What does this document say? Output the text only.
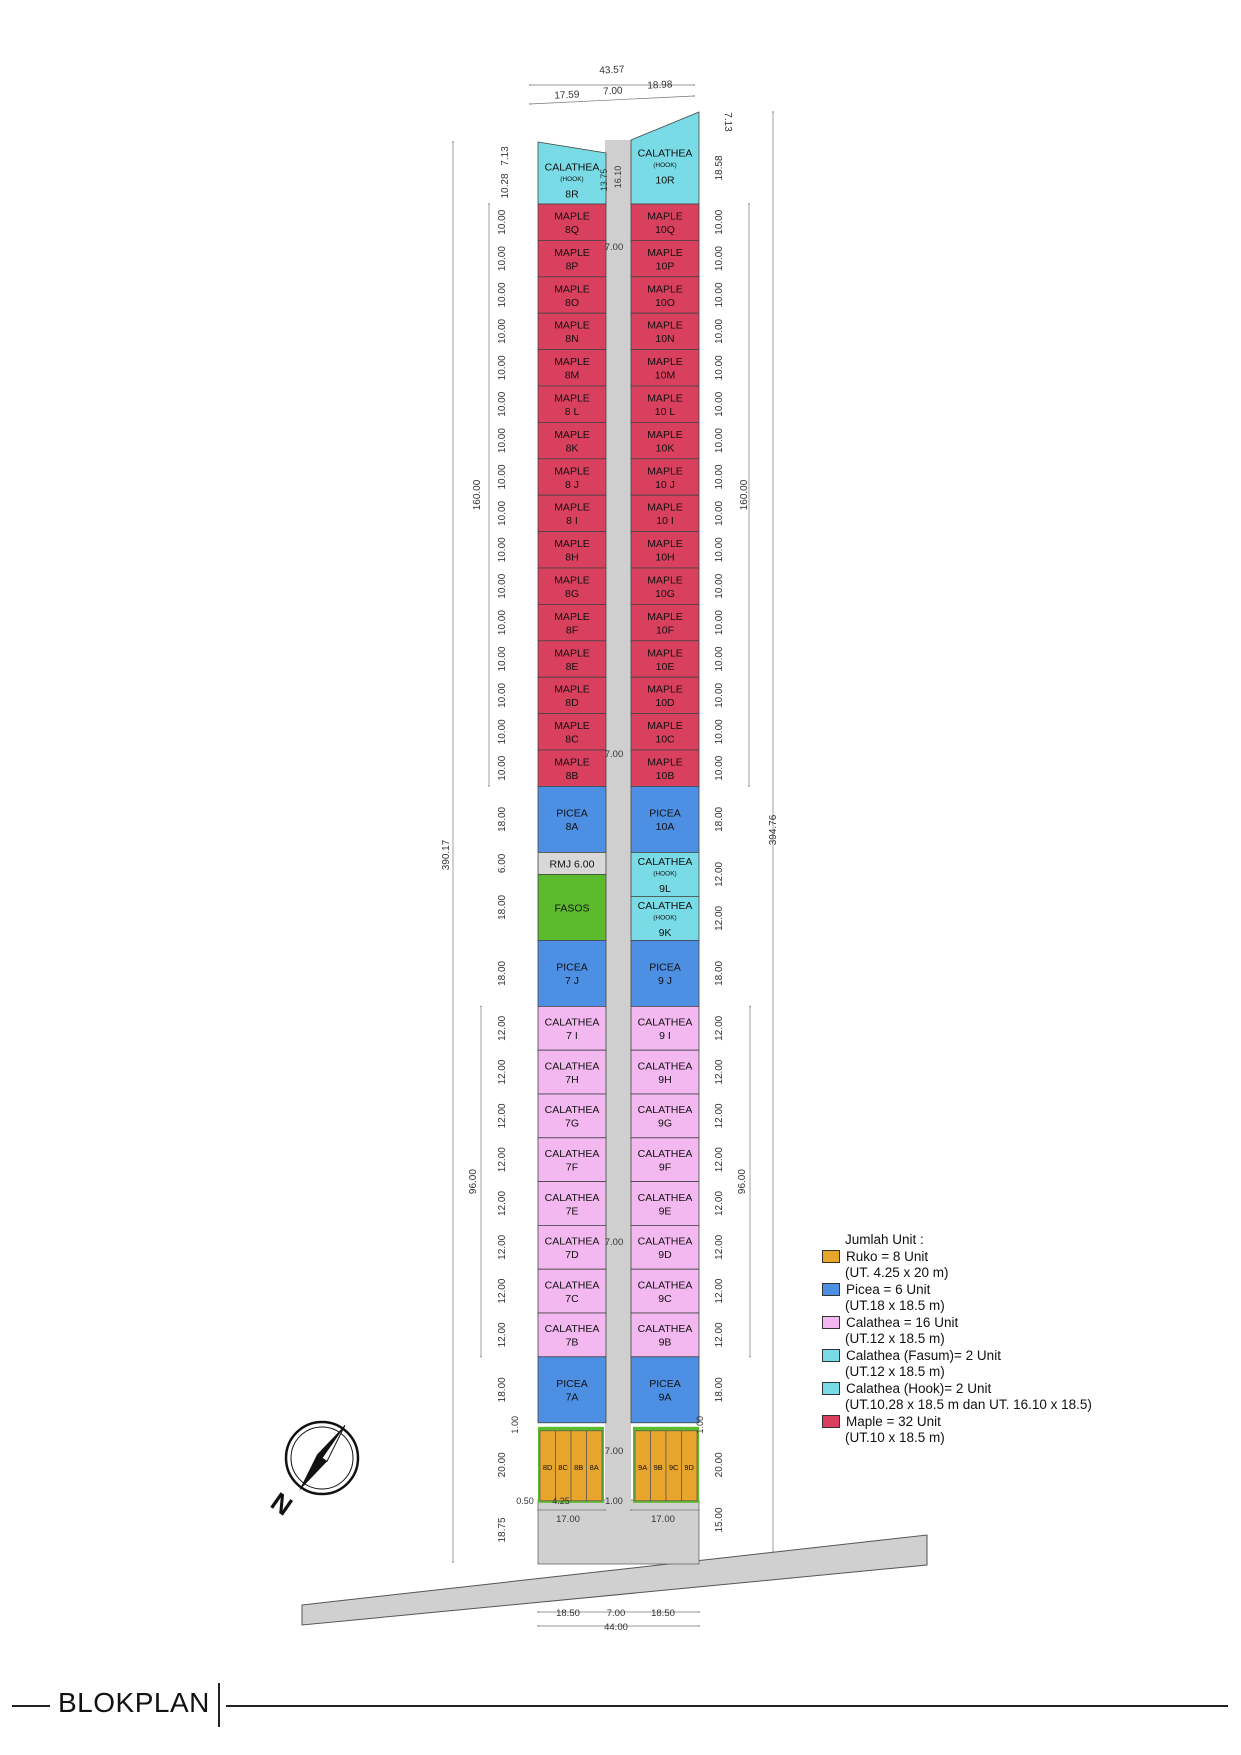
CALATHEA
(HOOK)
8R
CALATHEA
(HOOK)
10R
MAPLE
8Q
MAPLE
8P
MAPLE
8O
MAPLE
8N
MAPLE
8M
MAPLE
8 L
MAPLE
8K
MAPLE
8 J
MAPLE
8 I
MAPLE
8H
MAPLE
8G
MAPLE
8F
MAPLE
8E
MAPLE
8D
MAPLE
8C
MAPLE
8B
MAPLE
10Q
MAPLE
10P
MAPLE
10O
MAPLE
10N
MAPLE
10M
MAPLE
10 L
MAPLE
10K
MAPLE
10 J
MAPLE
10 I
MAPLE
10H
MAPLE
10G
MAPLE
10F
MAPLE
10E
MAPLE
10D
MAPLE
10C
MAPLE
10B
PICEA
8A
PICEA
10A
RMJ 6.00
FASOS
CALATHEA
(HOOK)
9L
CALATHEA
(HOOK)
9K
PICEA
7 J
PICEA
9 J
CALATHEA
7 I
CALATHEA
7H
CALATHEA
7G
CALATHEA
7F
CALATHEA
7E
CALATHEA
7D
CALATHEA
7C
CALATHEA
7B
CALATHEA
9 I
CALATHEA
9H
CALATHEA
9G
CALATHEA
9F
CALATHEA
9E
CALATHEA
9D
CALATHEA
9C
CALATHEA
9B
PICEA
7A
PICEA
9A
8D 8C 8B 8A	9A 9B 9C 9D
10.00
10.00
10.00
10.00
10.00
10.00
10.00
10.00
10.00
10.00
10.00
10.00
10.00
10.00
10.00
10.00
10.00
10.00
10.00
10.00
10.00
10.00
10.00
10.00
10.00
10.00
10.00
10.00
10.00
10.00
10.00
10.00
18.00	18.00
6.00
18.00
12.00
12.00
18.00	18.00
12.00
12.00
12.00
12.00
12.00
12.00
12.00
12.00
12.00
12.00
12.00
12.00
12.00
12.00
12.00
12.00
18.00	18.00
20.00	20.00
7.00
7.00
7.00
7.00
43.57
17.59 7.00 18.98
7.13
7.13
10.28
18.58
13.75 16.10
160.00	160.00
390.17
394.76
96.00	96.00
1.00	1.00
0.50 4.25	1.00
17.00	17.00
18.75	15.00
18.50	7.00	18.50
44.00
N
Jumlah Unit :
Ruko = 8 Unit
(UT. 4.25 x 20 m)
Picea = 6 Unit
(UT.18 x 18.5 m)
Calathea = 16 Unit
(UT.12 x 18.5 m)
Calathea (Fasum)= 2 Unit
(UT.12 x 18.5 m)
Calathea (Hook)= 2 Unit
(UT.10.28 x 18.5 m dan UT. 16.10 x 18.5)
Maple = 32 Unit
(UT.10 x 18.5 m)
BLOKPLAN
